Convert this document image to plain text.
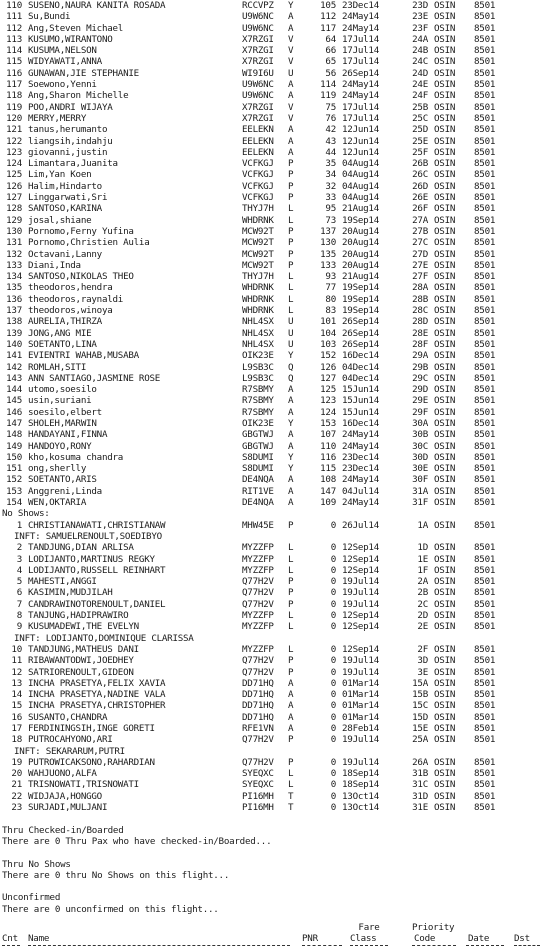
110 SUSENO,NAURA KANITA ROSADA	RCCVPZ Y	105 23Dec14	23D OSIN 8501
111 Su,Bundi	U9W6NC A	112 24May14	23E OSIN 8501
112 Ang,Steven Michael	U9W6NC A	117 24May14	23F OSIN 8501
113 KUSUMO,WIRANTONO	X7RZGI V	64 17Jul14	24A OSIN 8501
114 KUSUMA,NELSON	X7RZGI V	66 17Jul14	24B OSIN 8501
115 WIDYAWATI,ANNA	X7RZGI V	65 17Jul14	24C OSIN 8501
116 GUNAWAN,JIE STEPHANIE	WI9I6U U	56 26Sep14	24D OSIN 8501
117 Soewono,Yenni	U9W6NC A	114 24May14	24E OSIN 8501
118 Ang,Sharon Michelle	U9W6NC A	119 24May14	24F OSIN 8501
119 POO,ANDRI WIJAYA	X7RZGI V	75 17Jul14	25B OSIN 8501
120 MERRY,MERRY	X7RZGI V	76 17Jul14	25C OSIN 8501
121 tanus,herumanto	EELEKN A	42 12Jun14	25D OSIN 8501
122 liangsih,indahju	EELEKN A	43 12Jun14	25E OSIN 8501
123 giovanni,justin	EELEKN A	44 12Jun14	25F OSIN 8501
124 Limantara,Juanita	VCFKGJ P	35 04Aug14	26B OSIN 8501
125 Lim,Yan Koen	VCFKGJ P	34 04Aug14	26C OSIN 8501
126 Halim,Hindarto	VCFKGJ P	32 04Aug14	26D OSIN 8501
127 Linggarwati,Sri	VCFKGJ P	33 04Aug14	26E OSIN 8501
128 SANTOSO,KARINA	THYJ7H L	95 21Aug14	26F OSIN 8501
129 josal,shiane	WHDRNK L	73 19Sep14	27A OSIN 8501
130 Pornomo,Ferny Yufina	MCW92T P	137 20Aug14	27B OSIN 8501
131 Pornomo,Christien Aulia	MCW92T P	130 20Aug14	27C OSIN 8501
132 Octavani,Lanny	MCW92T P	135 20Aug14	27D OSIN 8501
133 Diani,Inda	MCW92T P	133 20Aug14	27E OSIN 8501
134 SANTOSO,NIKOLAS THEO	THYJ7H L	93 21Aug14	27F OSIN 8501
135 theodoros,hendra	WHDRNK L	77 19Sep14	28A OSIN 8501
136 theodoros,raynaldi	WHDRNK L	80 19Sep14	28B OSIN 8501
137 theodoros,winoya	WHDRNK L	83 19Sep14	28C OSIN 8501
138 AURELIA,THIRZA	NHL4SX U	101 26Sep14	28D OSIN 8501
139 JONG,ANG MIE	NHL4SX U	104 26Sep14	28E OSIN 8501
140 SOETANTO,LINA	NHL4SX U	103 26Sep14	28F OSIN 8501
141 EVIENTRI WAHAB,MUSABA	OIK23E Y	152 16Dec14	29A OSIN 8501
142 ROMLAH,SITI	L9SB3C Q	126 04Dec14	29B OSIN 8501
143 ANN SANTIAGO,JASMINE ROSE	L9SB3C Q	127 04Dec14	29C OSIN 8501
144 utomo,soesilo	R7SBMY A	125 15Jun14	29D OSIN 8501
145 usin,suriani	R7SBMY A	123 15Jun14	29E OSIN 8501
146 soesilo,elbert	R7SBMY A	124 15Jun14	29F OSIN 8501
147 SHOLEH,MARWIN	OIK23E Y	153 16Dec14	30A OSIN 8501
148 HANDAYANI,FINNA	GBGTWJ A	107 24May14	30B OSIN 8501
149 HANDOYO,RONY	GBGTWJ A	110 24May14	30C OSIN 8501
150 kho,kosuma chandra	S8DUMI Y	116 23Dec14	30D OSIN 8501
151 ong,sherlly	S8DUMI Y	115 23Dec14	30E OSIN 8501
152 SOETANTO,ARIS	DE4NQA A	108 24May14	30F OSIN 8501
153 Anggreni,Linda	RIT1VE A	147 04Jul14	31A OSIN 8501
154 WEN,OKTARIA	DE4NQA A	109 24May14	31F OSIN 8501
No Shows:
1 CHRISTIANAWATI,CHRISTIANAW	MHW45E P	0 26Jul14	1A OSIN 8501
INFT: SAMUELRENOULT,SOEDIBYO
2 TANDJUNG,DIAN ARLISA	MYZZFP L	0 12Sep14	1D OSIN 8501
3 LODIJANTO,MARTINUS REGKY	MYZZFP L	0 12Sep14	1E OSIN 8501
4 LODIJANTO,RUSSELL REINHART	MYZZFP L	0 12Sep14	1F OSIN 8501
5 MAHESTI,ANGGI	Q77H2V P	0 19Jul14	2A OSIN 8501
6 KASIMIN,MUDJILAH	Q77H2V P	0 19Jul14	2B OSIN 8501
7 CANDRAWINOTORENOULT,DANIEL	Q77H2V P	0 19Jul14	2C OSIN 8501
8 TANJUNG,HADIPRAWIRO	MYZZFP L	0 12Sep14	2D OSIN 8501
9 KUSUMADEWI,THE EVELYN	MYZZFP L	0 12Sep14	2E OSIN 8501
INFT: LODIJANTO,DOMINIQUE CLARISSA
10 TANDJUNG,MATHEUS DANI	MYZZFP L	0 12Sep14	2F OSIN 8501
11 RIBAWANTODWI,JOEDHEY	Q77H2V P	0 19Jul14	3D OSIN 8501
12 SATRIORENOULT,GIDEON	Q77H2V P	0 19Jul14	3E OSIN 8501
13 INCHA PRASETYA,FELIX XAVIA	DD71HQ A	0 01Mar14	15A OSIN 8501
14 INCHA PRASETYA,NADINE VALA	DD71HQ A	0 01Mar14	15B OSIN 8501
15 INCHA PRASETYA,CHRISTOPHER	DD71HQ A	0 01Mar14	15C OSIN 8501
16 SUSANTO,CHANDRA	DD71HQ A	0 01Mar14	15D OSIN 8501
17 FERDININGSIH,INGE GORETI	RFE1VN A	0 28Feb14	15E OSIN 8501
18 PUTROCAHYONO,ARI	Q77H2V P	0 19Jul14	25A OSIN 8501
INFT: SEKARARUM,PUTRI
19 PUTROWICAKSONO,RAHARDIAN	Q77H2V P	0 19Jul14	26A OSIN 8501
20 WAHJUONO,ALFA	SYEQXC L	0 18Sep14	31B OSIN 8501
21 TRISNOWATI,TRISNOWATI	SYEQXC L	0 18Sep14	31C OSIN 8501
22 WIDJAJA,HONGGO	PI16MH T	0 13Oct14	31D OSIN 8501
23 SURJADI,MULJANI	PI16MH T	0 13Oct14	31E OSIN 8501
Thru Checked-in/Boarded
There are 0 Thru Pax who have checked-in/Boarded...
Thru No Shows
There are 0 thru No Shows on this flight...
Unconfirmed
There are 0 unconfirmed on this flight...
Cnt Name	PNR
Fare
Class
Priority
Code	Date	Dst
